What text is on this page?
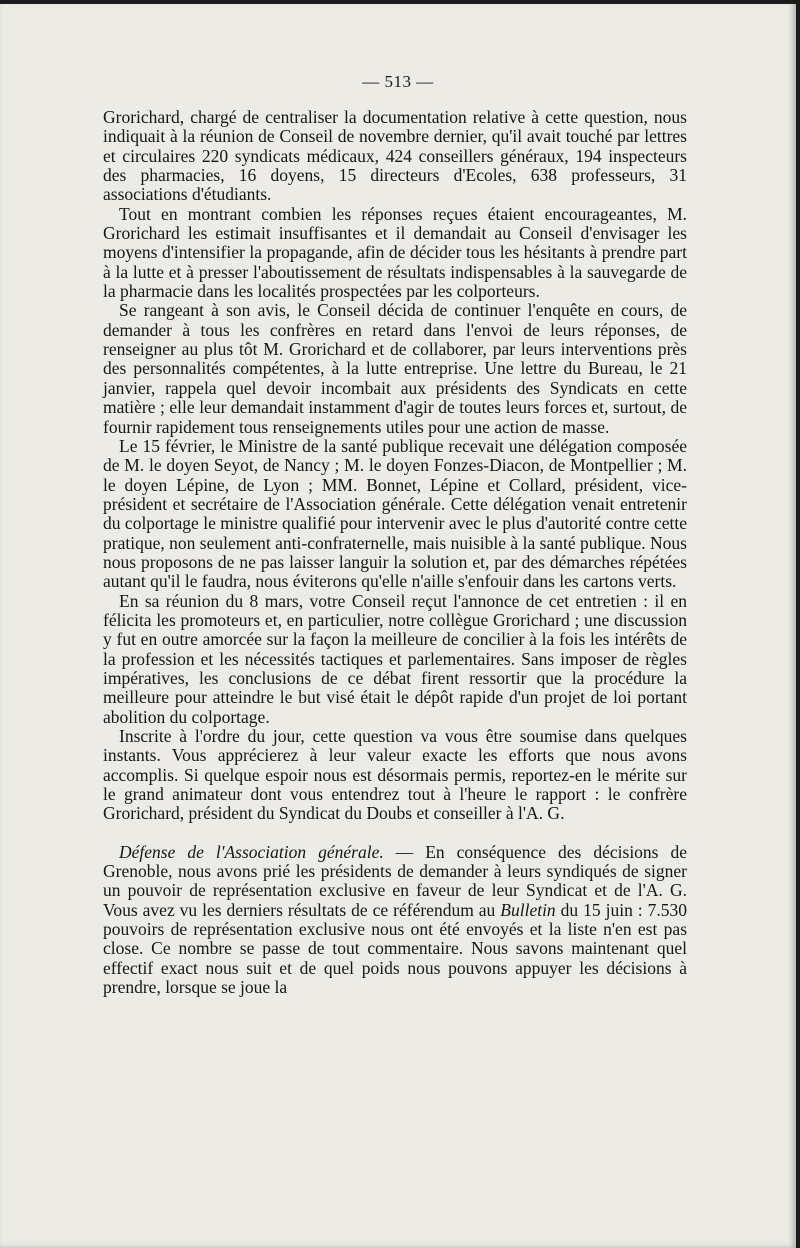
— 513 —

Grorichard, chargé de centraliser la documentation relative à cette question, nous indiquait à la réunion de Conseil de novembre dernier, qu'il avait touché par lettres et circulaires 220 syndicats médicaux, 424 conseillers généraux, 194 inspecteurs des pharmacies, 16 doyens, 15 directeurs d'Ecoles, 638 professeurs, 31 associations d'étudiants.

Tout en montrant combien les réponses reçues étaient encourageantes, M. Grorichard les estimait insuffisantes et il demandait au Conseil d'envisager les moyens d'intensifier la propagande, afin de décider tous les hésitants à prendre part à la lutte et à presser l'aboutissement de résultats indispensables à la sauvegarde de la pharmacie dans les localités prospectées par les colporteurs.

Se rangeant à son avis, le Conseil décida de continuer l'enquête en cours, de demander à tous les confrères en retard dans l'envoi de leurs réponses, de renseigner au plus tôt M. Grorichard et de collaborer, par leurs interventions près des personnalités compétentes, à la lutte entreprise. Une lettre du Bureau, le 21 janvier, rappela quel devoir incombait aux présidents des Syndicats en cette matière ; elle leur demandait instamment d'agir de toutes leurs forces et, surtout, de fournir rapidement tous renseignements utiles pour une action de masse.

Le 15 février, le Ministre de la santé publique recevait une délégation composée de M. le doyen Seyot, de Nancy ; M. le doyen Fonzes-Diacon, de Montpellier ; M. le doyen Lépine, de Lyon ; MM. Bonnet, Lépine et Collard, président, vice-président et secrétaire de l'Association générale. Cette délégation venait entretenir du colportage le ministre qualifié pour intervenir avec le plus d'autorité contre cette pratique, non seulement anti-confraternelle, mais nuisible à la santé publique. Nous nous proposons de ne pas laisser languir la solution et, par des démarches répétées autant qu'il le faudra, nous éviterons qu'elle n'aille s'enfouir dans les cartons verts.

En sa réunion du 8 mars, votre Conseil reçut l'annonce de cet entretien : il en félicita les promoteurs et, en particulier, notre collègue Grorichard ; une discussion y fut en outre amorcée sur la façon la meilleure de concilier à la fois les intérêts de la profession et les nécessités tactiques et parlementaires. Sans imposer de règles impératives, les conclusions de ce débat firent ressortir que la procédure la meilleure pour atteindre le but visé était le dépôt rapide d'un projet de loi portant abolition du colportage.

Inscrite à l'ordre du jour, cette question va vous être soumise dans quelques instants. Vous apprécierez à leur valeur exacte les efforts que nous avons accomplis. Si quelque espoir nous est désormais permis, reportez-en le mérite sur le grand animateur dont vous entendrez tout à l'heure le rapport : le confrère Grorichard, président du Syndicat du Doubs et conseiller à l'A. G.

Défense de l'Association générale. — En conséquence des décisions de Grenoble, nous avons prié les présidents de demander à leurs syndiqués de signer un pouvoir de représentation exclusive en faveur de leur Syndicat et de l'A. G. Vous avez vu les derniers résultats de ce référendum au Bulletin du 15 juin : 7.530 pouvoirs de représentation exclusive nous ont été envoyés et la liste n'en est pas close. Ce nombre se passe de tout commentaire. Nous savons maintenant quel effectif exact nous suit et de quel poids nous pouvons appuyer les décisions à prendre, lorsque se joue la
